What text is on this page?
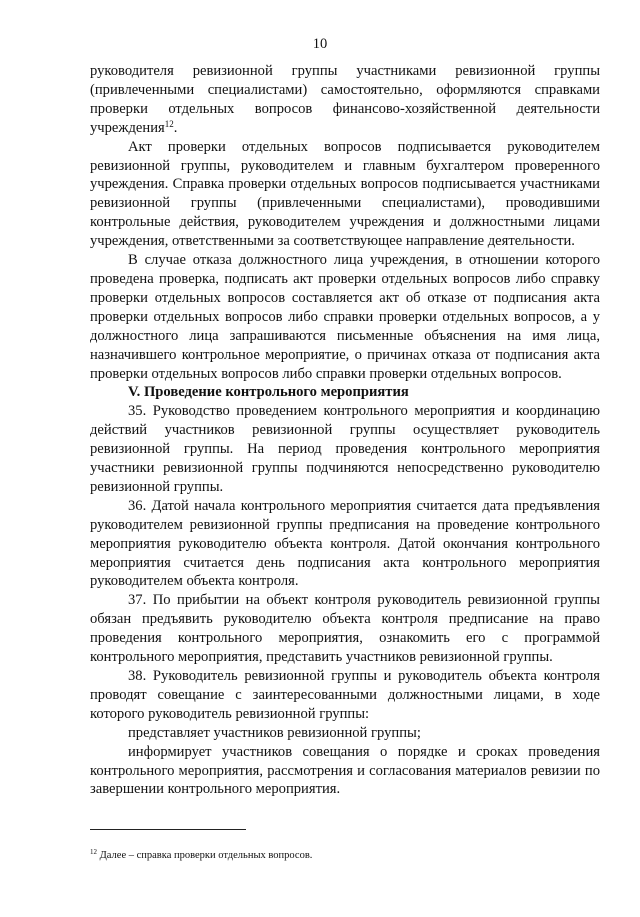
10

руководителя ревизионной группы участниками ревизионной группы (привлеченными специалистами) самостоятельно, оформляются справками проверки отдельных вопросов финансово-хозяйственной деятельности учреждения$^{12}$.

Акт проверки отдельных вопросов подписывается руководителем ревизионной группы, руководителем и главным бухгалтером проверенного учреждения. Справка проверки отдельных вопросов подписывается участниками ревизионной группы (привлеченными специалистами), проводившими контрольные действия, руководителем учреждения и должностными лицами учреждения, ответственными за соответствующее направление деятельности.

В случае отказа должностного лица учреждения, в отношении которого проведена проверка, подписать акт проверки отдельных вопросов либо справку проверки отдельных вопросов составляется акт об отказе от подписания акта проверки отдельных вопросов либо справки проверки отдельных вопросов, а у должностного лица запрашиваются письменные объяснения на имя лица, назначившего контрольное мероприятие, о причинах отказа от подписания акта проверки отдельных вопросов либо справки проверки отдельных вопросов.

V. Проведение контрольного мероприятия

35. Руководство проведением контрольного мероприятия и координацию действий участников ревизионной группы осуществляет руководитель ревизионной группы. На период проведения контрольного мероприятия участники ревизионной группы подчиняются непосредственно руководителю ревизионной группы.

36. Датой начала контрольного мероприятия считается дата предъявления руководителем ревизионной группы предписания на проведение контрольного мероприятия руководителю объекта контроля. Датой окончания контрольного мероприятия считается день подписания акта контрольного мероприятия руководителем объекта контроля.

37. По прибытии на объект контроля руководитель ревизионной группы обязан предъявить руководителю объекта контроля предписание на право проведения контрольного мероприятия, ознакомить его с программой контрольного мероприятия, представить участников ревизионной группы.

38. Руководитель ревизионной группы и руководитель объекта контроля проводят совещание с заинтересованными должностными лицами, в ходе которого руководитель ревизионной группы:

представляет участников ревизионной группы;

информирует участников совещания о порядке и сроках проведения контрольного мероприятия, рассмотрения и согласования материалов ревизии по завершении контрольного мероприятия.

$^{12}$ Далее – справка проверки отдельных вопросов.
